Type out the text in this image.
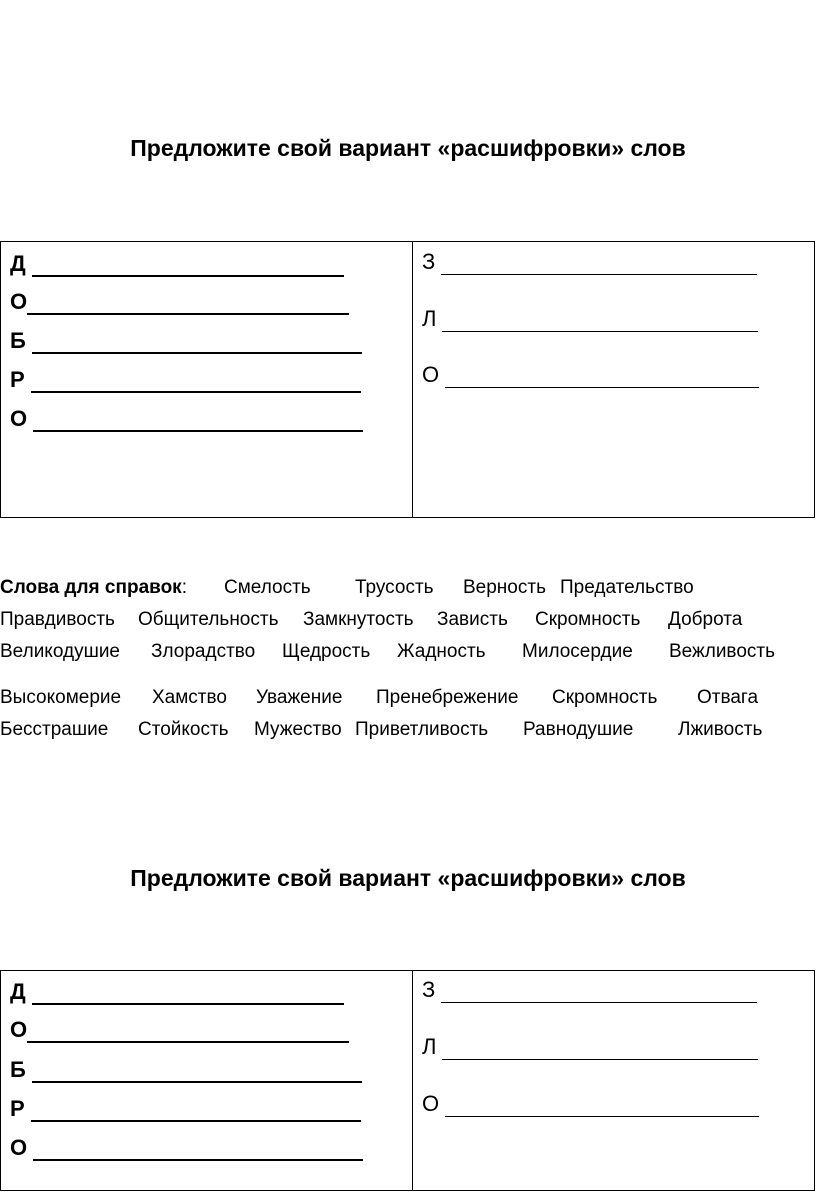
Предложите свой вариант «расшифровки» слов
Д
О
Б
Р
О
З
Л
О
Д
О
Б
Р
О
З
Л
О
Предложите свой вариант «расшифровки» слов
Слова для справок: Смелость Трусость Верность Предательство
Правдивость Общительность Замкнутость Зависть Скромность Доброта
Великодушие Злорадство Щедрость Жадность Милосердие Вежливость
Высокомерие Хамство Уважение Пренебрежение Скромность Отвага
Бесстрашие Стойкость Мужество Приветливость Равнодушие Лживость
